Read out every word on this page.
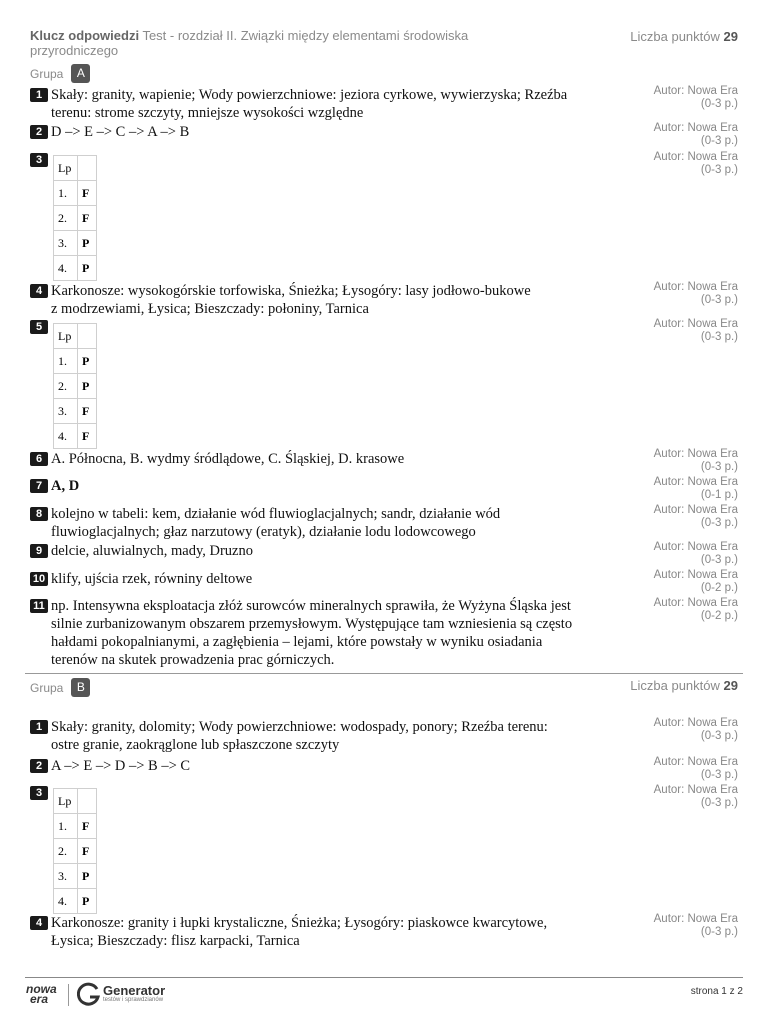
Klucz odpowiedzi Test - rozdział II. Związki między elementami środowiska przyrodniczego
Liczba punktów 29
Grupa	A
1 Skały: granity, wapienie; Wody powierzchniowe: jeziora cyrkowe, wywierzyska; Rzeźba
terenu: strome szczyty, mniejsze wysokości względne
Autor: Nowa Era
(0-3 p.)
2 D –> E –> C –> A –> B	Autor: Nowa Era
(0-3 p.)
3	Autor: Nowa Era
(0-3 p.)
Lp	
1.	F
2.	F
3.	P
4.	P
4 Karkonosze: wysokogórskie torfowiska, Śnieżka; Łysogóry: lasy jodłowo-bukowe
z modrzewiami, Łysica; Bieszczady: połoniny, Tarnica
Autor: Nowa Era
(0-3 p.)
5	Autor: Nowa Era
(0-3 p.)
Lp	
1.	P
2.	P
3.	F
4.	F
6 A. Północna, B. wydmy śródlądowe, C. Śląskiej, D. krasowe	Autor: Nowa Era
(0-3 p.)
7 A, D	Autor: Nowa Era
(0-1 p.)
8 kolejno w tabeli: kem, działanie wód fluwioglacjalnych; sandr, działanie wód
fluwioglacjalnych; głaz narzutowy (eratyk), działanie lodu lodowcowego
Autor: Nowa Era
(0-3 p.)
9 delcie, aluwialnych, mady, Druzno	Autor: Nowa Era
(0-3 p.)
10 klify, ujścia rzek, równiny deltowe	Autor: Nowa Era
(0-2 p.)
11 np. Intensywna eksploatacja złóż surowców mineralnych sprawiła, że Wyżyna Śląska jest
silnie zurbanizowanym obszarem przemysłowym. Występujące tam wzniesienia są często
hałdami pokopalnianymi, a zagłębienia – lejami, które powstały w wyniku osiadania
terenów na skutek prowadzenia prac górniczych.
Autor: Nowa Era
(0-2 p.)
Grupa	B	Liczba punktów 29
1 Skały: granity, dolomity; Wody powierzchniowe: wodospady, ponory; Rzeźba terenu:
ostre granie, zaokrąglone lub spłaszczone szczyty
Autor: Nowa Era
(0-3 p.)
2 A –> E –> D –> B –> C	Autor: Nowa Era
(0-3 p.)
3	Autor: Nowa Era
(0-3 p.)
Lp	
1.	F
2.	F
3.	P
4.	P
4 Karkonosze: granity i łupki krystaliczne, Śnieżka; Łysogóry: piaskowce kwarcytowe,
Łysica; Bieszczady: flisz karpacki, Tarnica
Autor: Nowa Era
(0-3 p.)
nowa
era
Generator
testów i sprawdzianów
strona 1 z 2
